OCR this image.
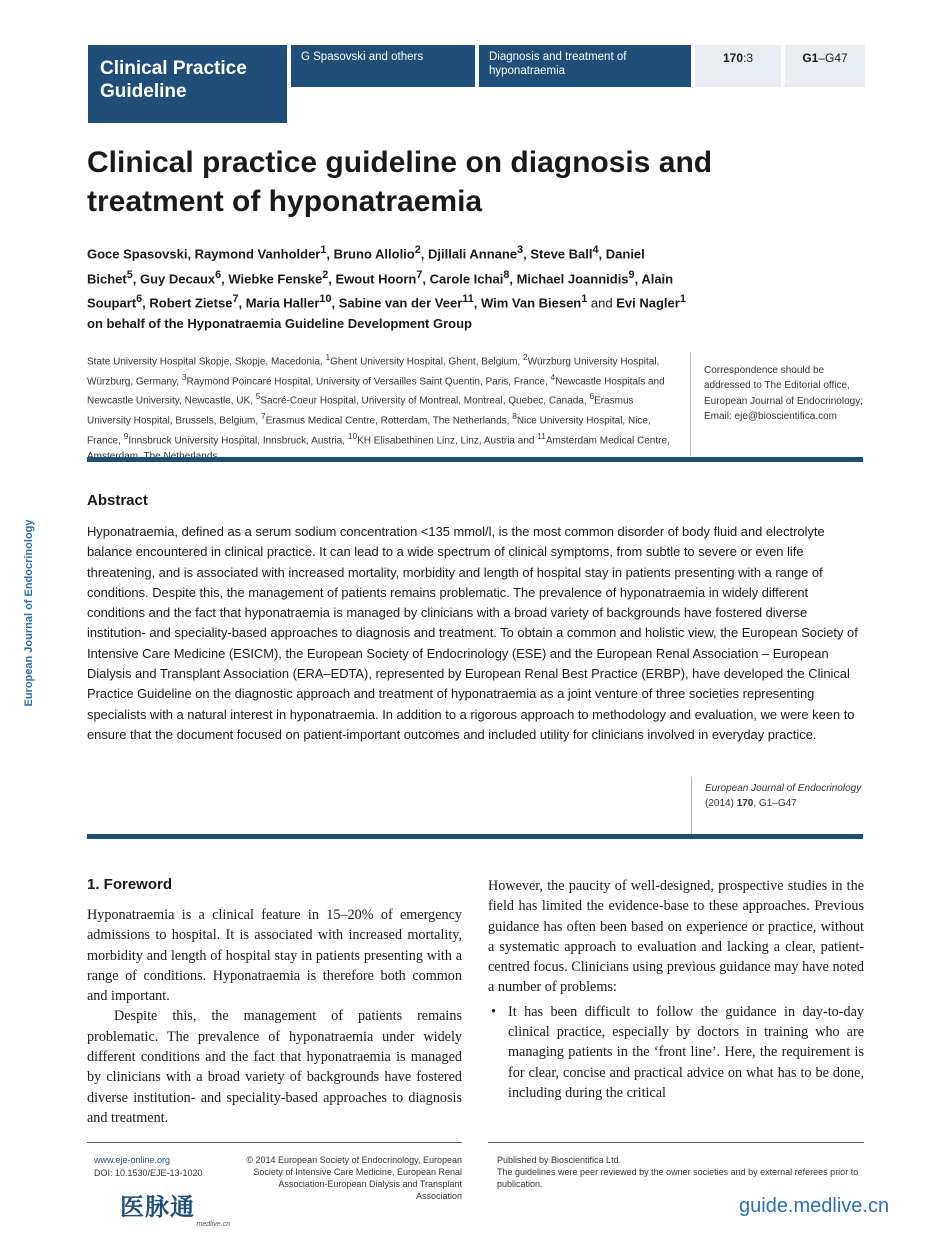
Clinical Practice Guideline
G Spasovski and others	Diagnosis and treatment of hyponatraemia
170:3	G1–G47
Clinical practice guideline on diagnosis and treatment of hyponatraemia
Goce Spasovski, Raymond Vanholder$^1$, Bruno Allolio$^2$, Djillali Annane$^3$, Steve Ball$^4$, Daniel Bichet$^5$, Guy Decaux$^6$, Wiebke Fenske$^2$, Ewout Hoorn$^7$, Carole Ichai$^8$, Michael Joannidis$^9$, Alain Soupart$^6$, Robert Zietse$^7$, Maria Haller$^{10}$, Sabine van der Veer$^{11}$, Wim Van Biesen$^1$ and Evi Nagler$^1$ on behalf of the Hyponatraemia Guideline Development Group
State University Hospital Skopje, Skopje, Macedonia, $^1$Ghent University Hospital, Ghent, Belgium, $^2$Würzburg University Hospital, Würzburg, Germany, $^3$Raymond Poincaré Hospital, University of Versailles Saint Quentin, Paris, France, $^4$Newcastle Hospitals and Newcastle University, Newcastle, UK, $^5$Sacré-Coeur Hospital, University of Montreal, Montreal, Quebec, Canada, $^6$Erasmus University Hospital, Brussels, Belgium, $^7$Erasmus Medical Centre, Rotterdam, The Netherlands, $^8$Nice University Hospital, Nice, France, $^9$Innsbruck University Hospital, Innsbruck, Austria, $^{10}$KH Elisabethinen Linz, Linz, Austria and $^{11}$Amsterdam Medical Centre,
Correspondence should be addressed to The Editorial office, European Journal of Endocrinology; Email: eje@bioscientifica.com
European Journal of Endocrinology
Abstract
Hyponatraemia, defined as a serum sodium concentration <135 mmol/l, is the most common disorder of body fluid and electrolyte balance encountered in clinical practice. It can lead to a wide spectrum of clinical symptoms, from subtle to severe or even life threatening, and is associated with increased mortality, morbidity and length of hospital stay in patients presenting with a range of conditions. Despite this, the management of patients remains problematic. The prevalence of hyponatraemia in widely different conditions and the fact that hyponatraemia is managed by clinicians with a broad variety of backgrounds have fostered diverse institution- and speciality-based approaches to diagnosis and treatment. To obtain a common and holistic view, the European Society of Intensive Care Medicine (ESICM), the European Society of Endocrinology (ESE) and the European Renal Association – European Dialysis and Transplant Association (ERA–EDTA), represented by European Renal Best Practice (ERBP), have developed the Clinical Practice Guideline on the diagnostic approach and treatment of hyponatraemia as a joint venture of three societies representing specialists with a natural interest in hyponatraemia. In addition to a rigorous approach to methodology and evaluation, we were keen to ensure that the document focused on patient-important outcomes and included utility for clinicians involved in everyday practice.
European Journal of Endocrinology
(2014) 170, G1–G47
1. Foreword

Hyponatraemia is a clinical feature in 15–20% of emergency admissions to hospital. It is associated with increased mortality, morbidity and length of hospital stay in patients presenting with a range of conditions. Hyponatraemia is therefore both common and important.

Despite this, the management of patients remains problematic. The prevalence of hyponatraemia under widely different conditions and the fact that hyponatraemia is managed by clinicians with a broad variety of backgrounds have fostered diverse institution- and speciality-based approaches to diagnosis and treatment.

However, the paucity of well-designed, prospective studies in the field has limited the evidence-base to these approaches. Previous guidance has often been based on experience or practice, without a systematic approach to evaluation and lacking a clear, patient-centred focus. Clinicians using previous guidance may have noted a number of problems:

• It has been difficult to follow the guidance in day-to-day clinical practice, especially by doctors in training who are managing patients in the ‘front line’. Here, the requirement is for clear, concise and practical advice on what has to be done, including during the critical

www.eje-online.org
DOI: 10.1530/EJE-13-1020
© 2014 European Society of Endocrinology, European Society of Intensive Care Medicine, European Renal Association-European Dialysis and Transplant Association
Published by Bioscientifica Ltd.
The guidelines were peer reviewed by the owner societies and by external referees prior to publication.
医脉通
medlive.cn
guide.medlive.cn
